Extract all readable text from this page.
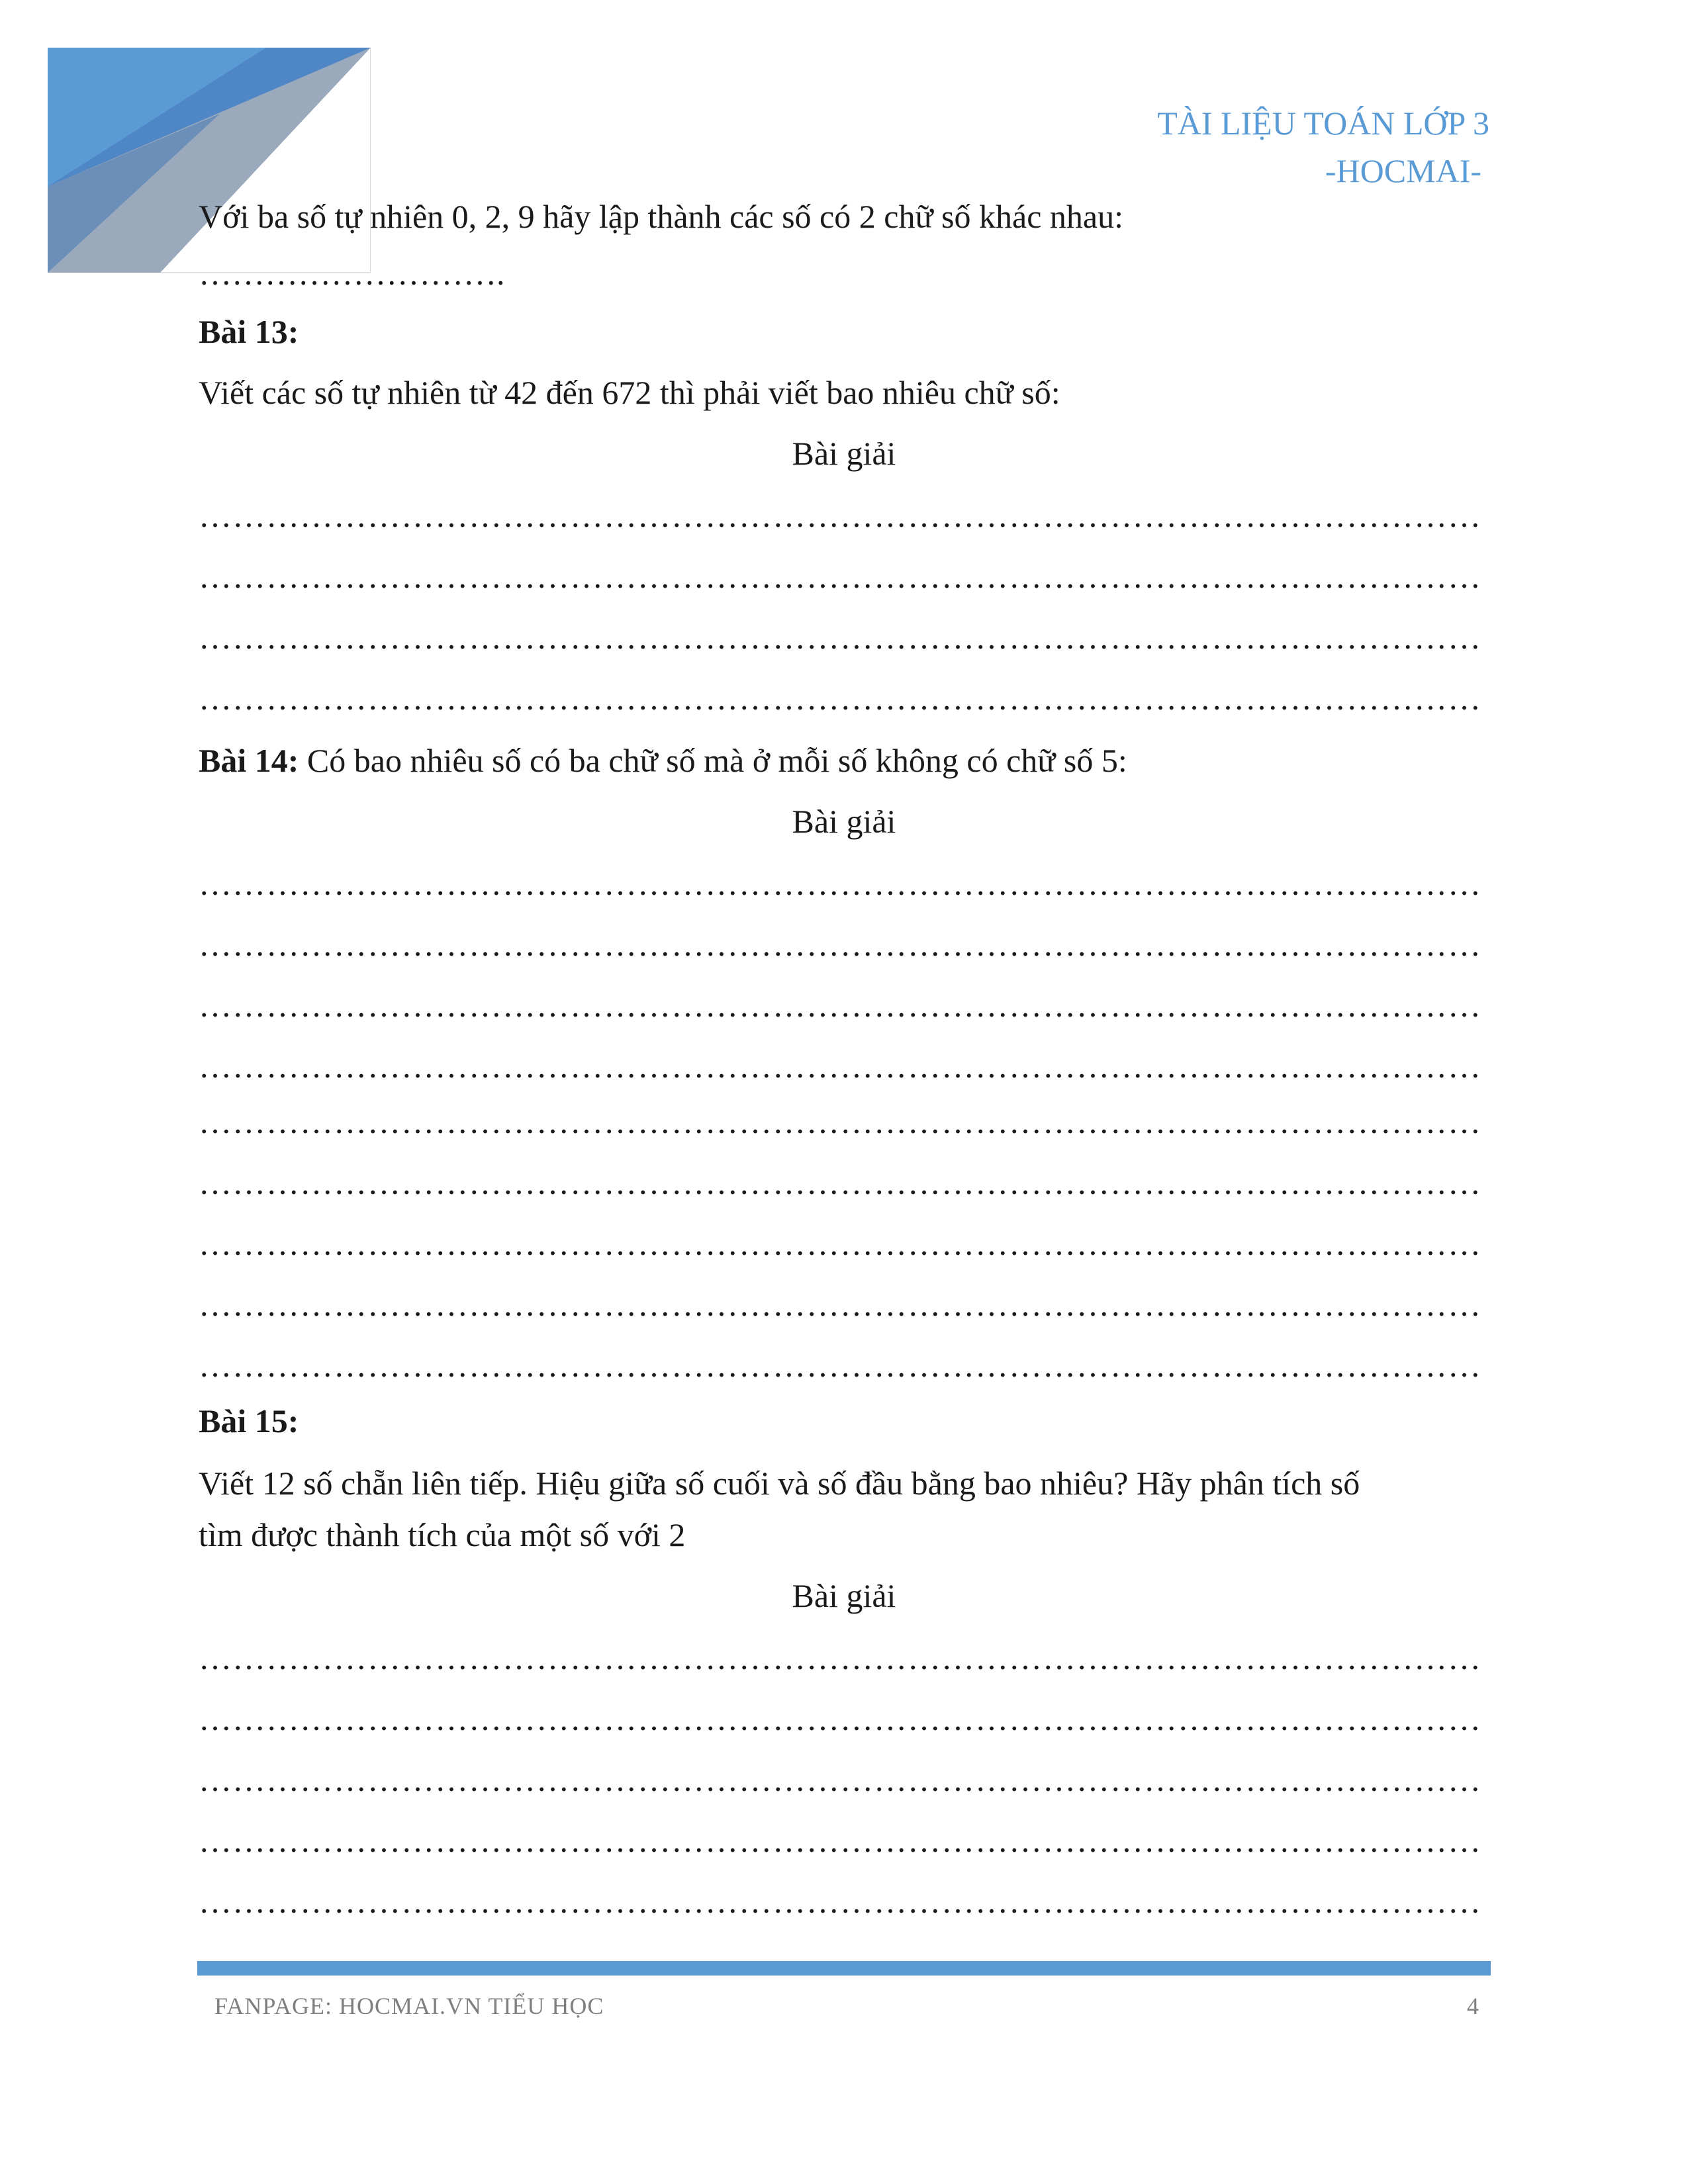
TÀI LIỆU TOÁN LỚP 3
-HOCMAI-

Với ba số tự nhiên 0, 2, 9 hãy lập thành các số có 2 chữ số khác nhau:

……………………….

Bài 13:

Viết các số tự nhiên từ 42 đến 672 thì phải viết bao nhiêu chữ số:

Bài giải

……………………………………………………………………………………………………
……………………………………………………………………………………………………
……………………………………………………………………………………………………
……………………………………………………………………………………………………

Bài 14: Có bao nhiêu số có ba chữ số mà ở mỗi số không có chữ số 5:

Bài giải

……………………………………………………………………………………………………
……………………………………………………………………………………………………
……………………………………………………………………………………………………
……………………………………………………………………………………………………
……………………………………………………………………………………………………
……………………………………………………………………………………………………
……………………………………………………………………………………………………
……………………………………………………………………………………………………
……………………………………………………………………………………………………

Bài 15:

Viết 12 số chẵn liên tiếp. Hiệu giữa số cuối và số đầu bằng bao nhiêu? Hãy phân tích số

tìm được thành tích của một số với 2

Bài giải

……………………………………………………………………………………………………
……………………………………………………………………………………………………
……………………………………………………………………………………………………
……………………………………………………………………………………………………
……………………………………………………………………………………………………
FANPAGE: HOCMAI.VN TIỂU HỌC	4
